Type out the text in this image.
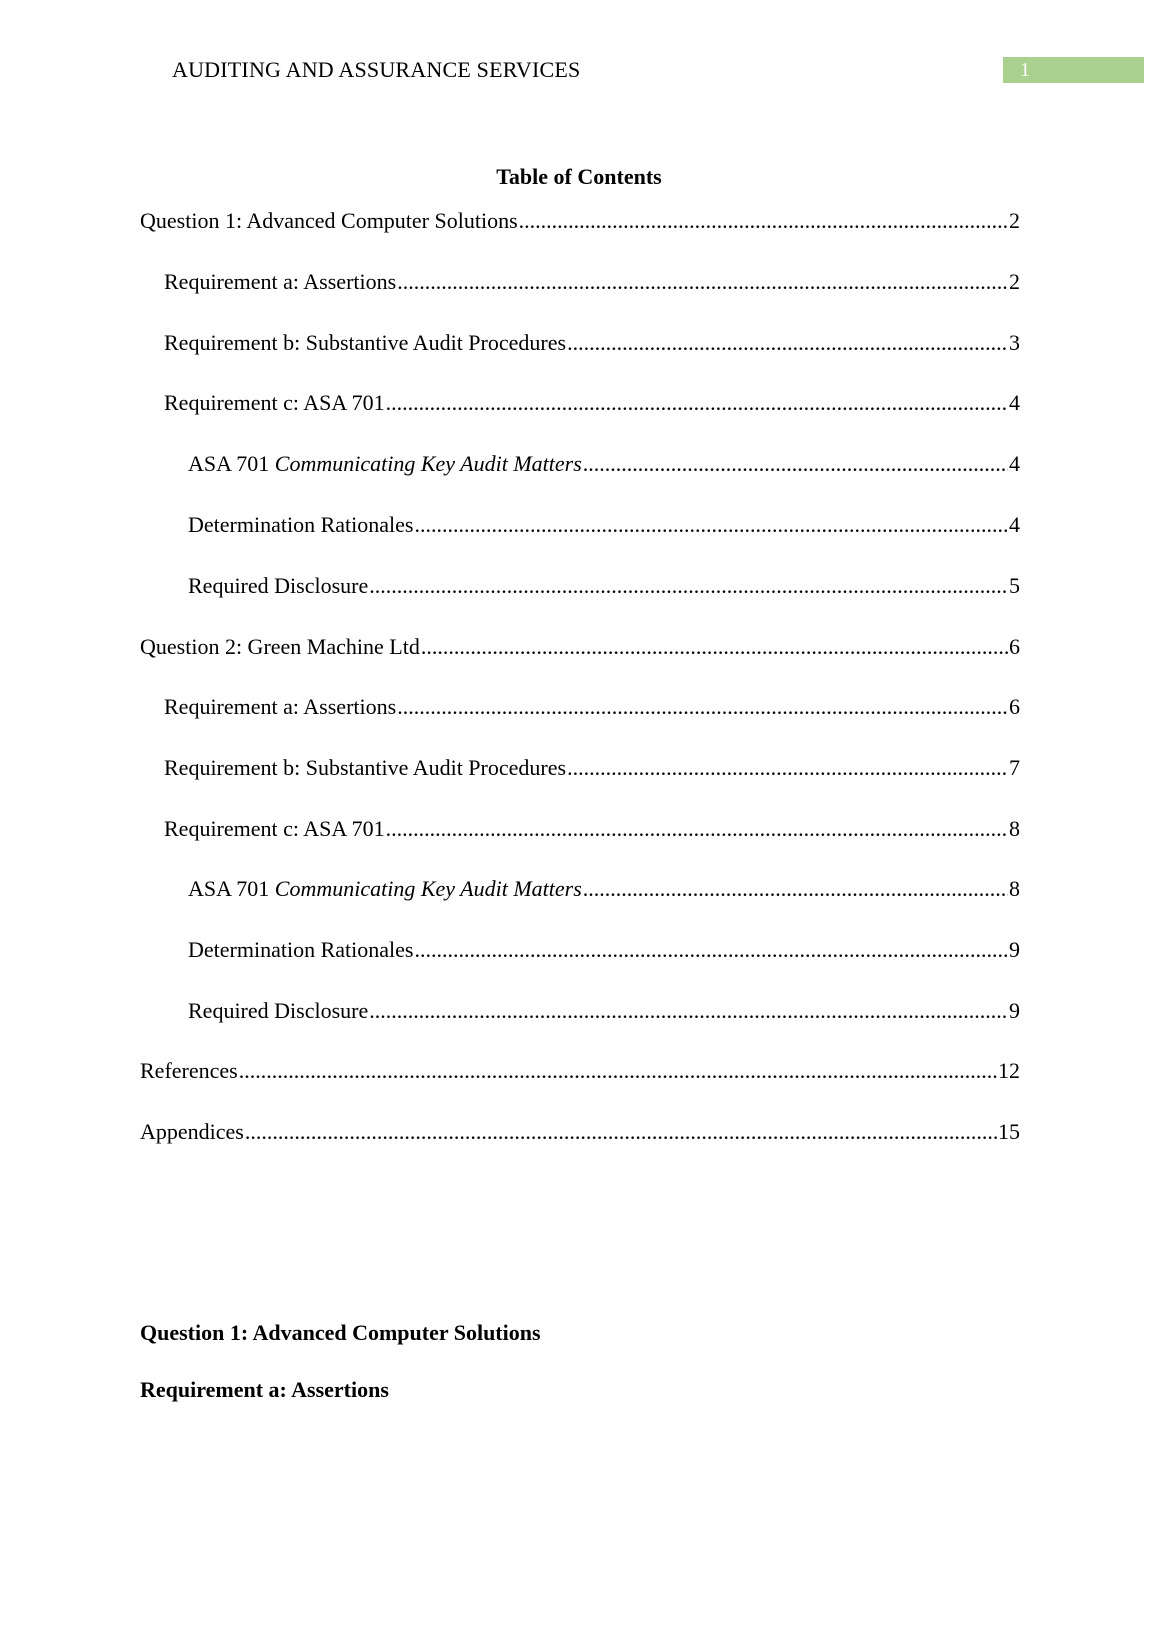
AUDITING AND ASSURANCE SERVICES	1
Table of Contents
Question 1: Advanced Computer Solutions .....	2
Requirement a: Assertions .....	2
Requirement b: Substantive Audit Procedures .....	3
Requirement c: ASA 701 .....	4
ASA 701 Communicating Key Audit Matters .....	4
Determination Rationales .....	4
Required Disclosure .....	5
Question 2: Green Machine Ltd .....	6
Requirement a: Assertions .....	6
Requirement b: Substantive Audit Procedures .....	7
Requirement c: ASA 701 .....	8
ASA 701 Communicating Key Audit Matters .....	8
Determination Rationales .....	9
Required Disclosure .....	9
References .....	12
Appendices .....	15
Question 1: Advanced Computer Solutions
Requirement a: Assertions
